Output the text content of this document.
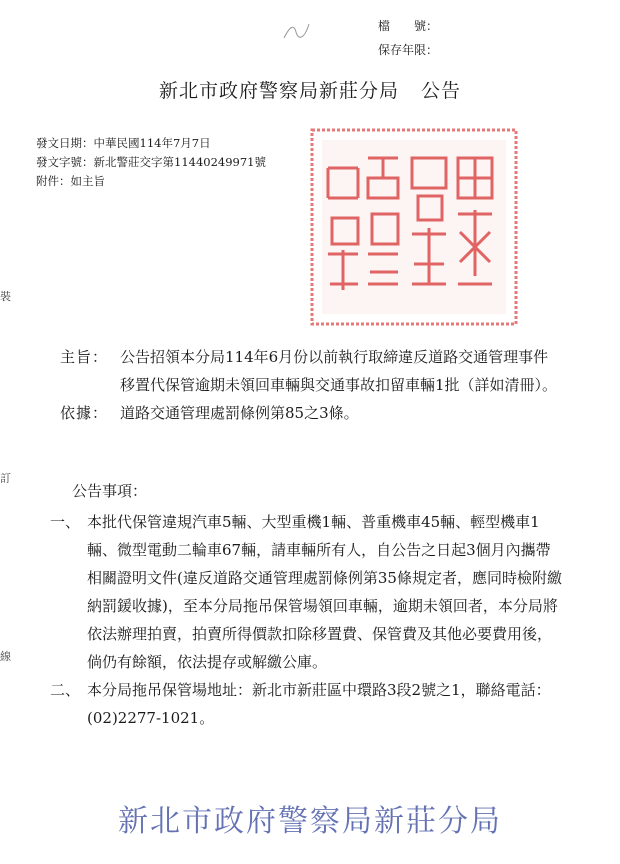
檔　　號：
保存年限：
新北市政府警察局新莊分局 公告
發文日期：中華民國114年7月7日
發文字號：新北警莊交字第11440249971號
附件：如主旨
裝
訂
線
主旨： 公告招領本分局114年6月份以前執行取締違反道路交通管理事件移置代保管逾期未領回車輛與交通事故扣留車輛1批（詳如清冊）。
依據： 道路交通管理處罰條例第85之3條。
公告事項：
一、 本批代保管違規汽車5輛、大型重機1輛、普重機車45輛、輕型機車1輛、微型電動二輪車67輛，請車輛所有人，自公告之日起3個月內攜帶相關證明文件(違反道路交通管理處罰條例第35條規定者，應同時檢附繳納罰鍰收據)，至本分局拖吊保管場領回車輛，逾期未領回者，本分局將依法辦理拍賣，拍賣所得價款扣除移置費、保管費及其他必要費用後，倘仍有餘額，依法提存或解繳公庫。
二、 本分局拖吊保管場地址：新北市新莊區中環路3段2號之1，聯絡電話：(02)2277-1021。
新北市政府警察局新莊分局
